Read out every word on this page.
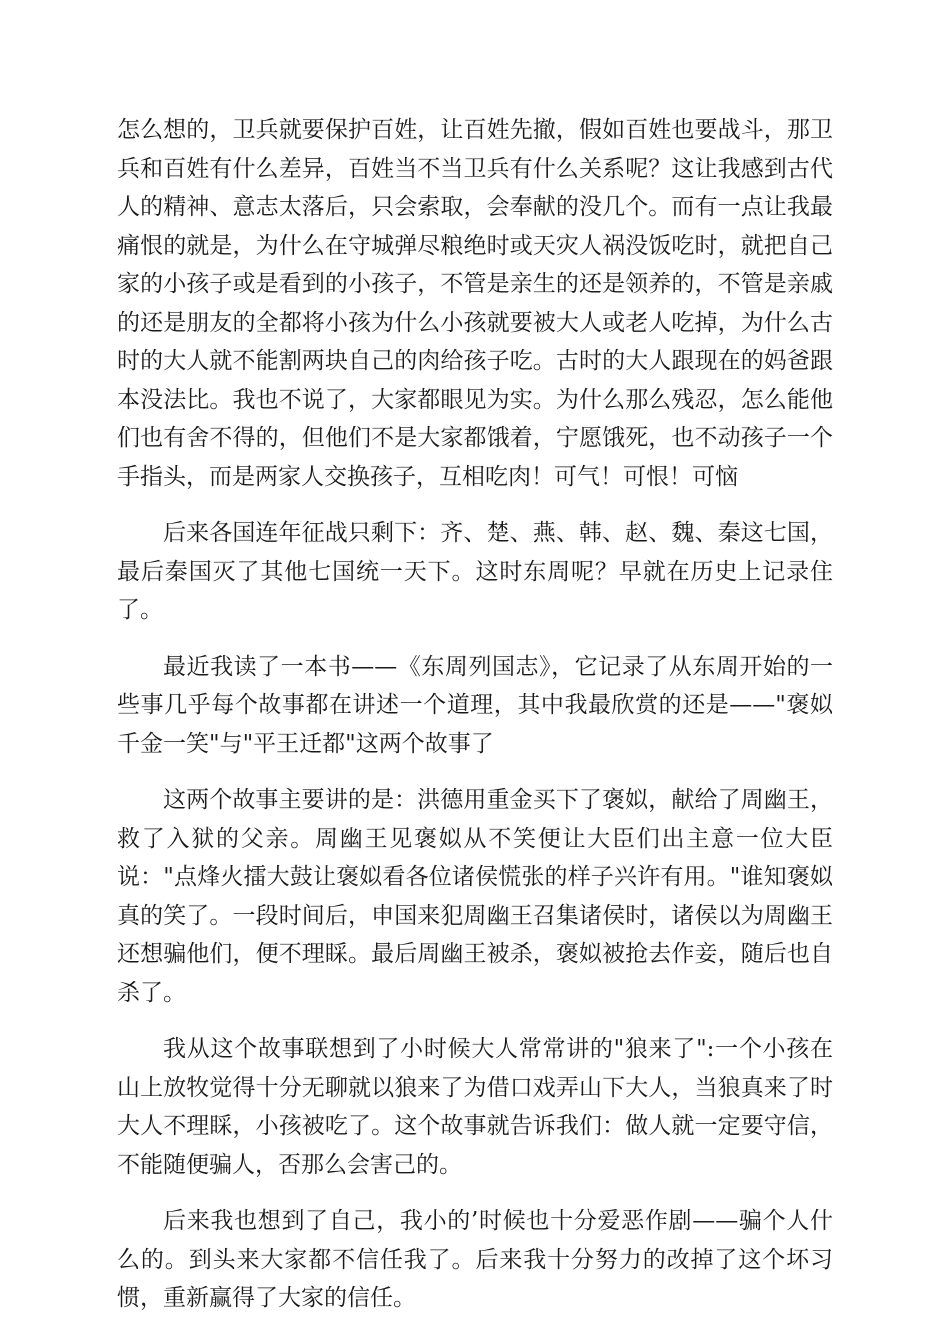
怎么想的，卫兵就要保护百姓，让百姓先撤，假如百姓也要战斗，那卫兵和百姓有什么差异，百姓当不当卫兵有什么关系呢？这让我感到古代人的精神、意志太落后，只会索取，会奉献的没几个。而有一点让我最痛恨的就是，为什么在守城弹尽粮绝时或天灾人祸没饭吃时，就把自己家的小孩子或是看到的小孩子，不管是亲生的还是领养的，不管是亲戚的还是朋友的全都将小孩为什么小孩就要被大人或老人吃掉，为什么古时的大人就不能割两块自己的肉给孩子吃。古时的大人跟现在的妈爸跟本没法比。我也不说了，大家都眼见为实。为什么那么残忍，怎么能他们也有舍不得的，但他们不是大家都饿着，宁愿饿死，也不动孩子一个手指头，而是两家人交换孩子，互相吃肉！可气！可恨！可恼

后来各国连年征战只剩下：齐、楚、燕、韩、赵、魏、秦这七国，最后秦国灭了其他七国统一天下。这时东周呢？早就在历史上记录住了。

最近我读了一本书——《东周列国志》，它记录了从东周开始的一些事几乎每个故事都在讲述一个道理，其中我最欣赏的还是——"褒姒千金一笑"与"平王迁都"这两个故事了

这两个故事主要讲的是：洪德用重金买下了褒姒，献给了周幽王，救了入狱的父亲。周幽王见褒姒从不笑便让大臣们出主意一位大臣说："点烽火擂大鼓让褒姒看各位诸侯慌张的样子兴许有用。"谁知褒姒真的笑了。一段时间后，申国来犯周幽王召集诸侯时，诸侯以为周幽王还想骗他们，便不理睬。最后周幽王被杀，褒姒被抢去作妾，随后也自杀了。

我从这个故事联想到了小时候大人常常讲的"狼来了":一个小孩在山上放牧觉得十分无聊就以狼来了为借口戏弄山下大人，当狼真来了时大人不理睬，小孩被吃了。这个故事就告诉我们：做人就一定要守信，不能随便骗人，否那么会害己的。

后来我也想到了自己，我小的’时候也十分爱恶作剧——骗个人什么的。到头来大家都不信任我了。后来我十分努力的改掉了这个坏习惯，重新赢得了大家的信任。
